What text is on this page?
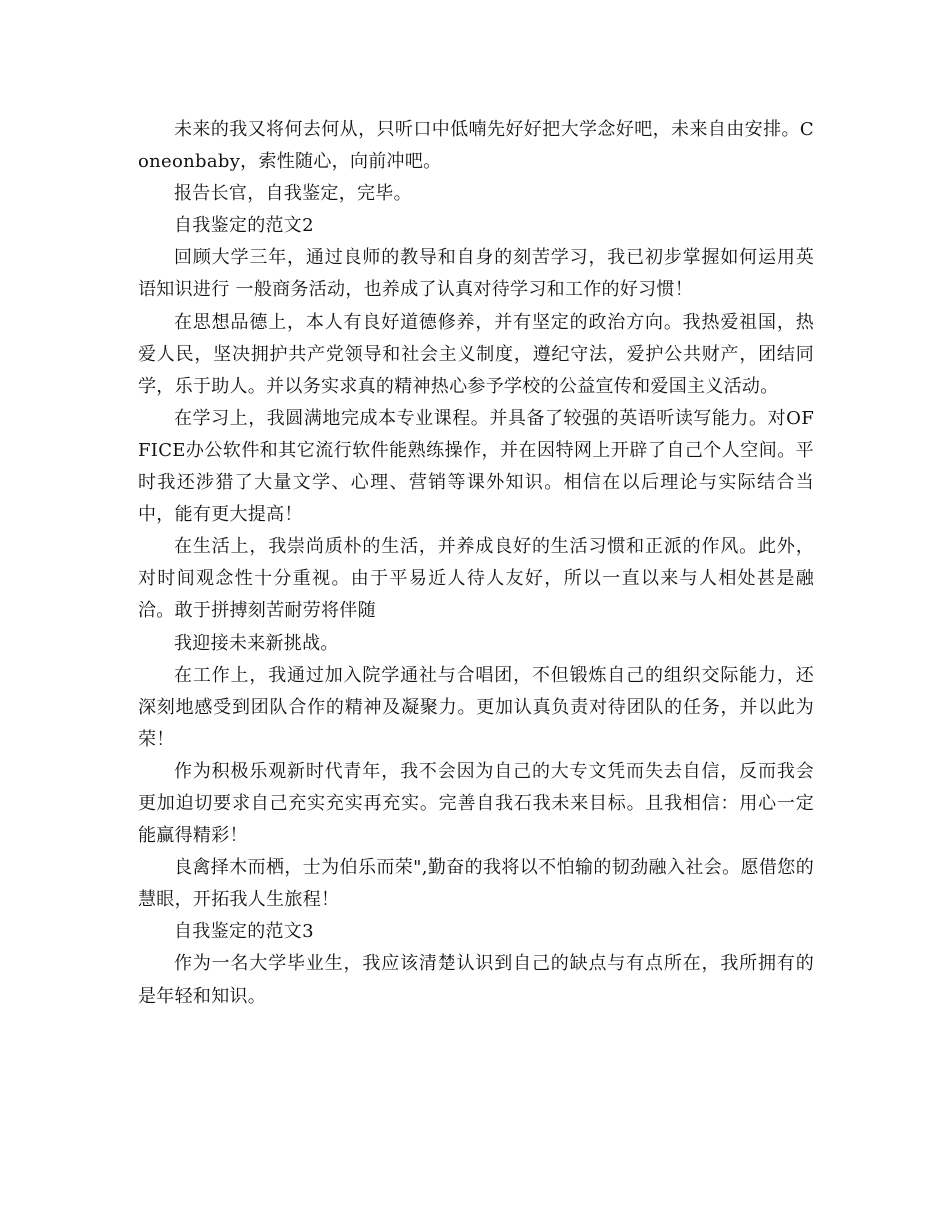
未来的我又将何去何从，只听口中低喃先好好把大学念好吧，未来自由安排。Coneonbaby，索性随心，向前冲吧。

报告长官，自我鉴定，完毕。

自我鉴定的范文2

回顾大学三年，通过良师的教导和自身的刻苦学习，我已初步掌握如何运用英语知识进行 一般商务活动，也养成了认真对待学习和工作的好习惯！

在思想品德上，本人有良好道德修养，并有坚定的政治方向。我热爱祖国，热爱人民，坚决拥护共产党领导和社会主义制度，遵纪守法，爱护公共财产，团结同学，乐于助人。并以务实求真的精神热心参予学校的公益宣传和爱国主义活动。

在学习上，我圆满地完成本专业课程。并具备了较强的英语听读写能力。对OFFICE办公软件和其它流行软件能熟练操作，并在因特网上开辟了自己个人空间。平时我还涉猎了大量文学、心理、营销等课外知识。相信在以后理论与实际结合当中，能有更大提高！

在生活上，我崇尚质朴的生活，并养成良好的生活习惯和正派的作风。此外，对时间观念性十分重视。由于平易近人待人友好，所以一直以来与人相处甚是融洽。敢于拼搏刻苦耐劳将伴随

我迎接未来新挑战。

在工作上，我通过加入院学通社与合唱团，不但锻炼自己的组织交际能力，还深刻地感受到团队合作的精神及凝聚力。更加认真负责对待团队的任务，并以此为荣！

作为积极乐观新时代青年，我不会因为自己的大专文凭而失去自信，反而我会更加迫切要求自己充实充实再充实。完善自我石我未来目标。且我相信：用心一定能赢得精彩！

良禽择木而栖，士为伯乐而荣",勤奋的我将以不怕输的韧劲融入社会。愿借您的慧眼，开拓我人生旅程！

自我鉴定的范文3

作为一名大学毕业生，我应该清楚认识到自己的缺点与有点所在，我所拥有的是年轻和知识。
